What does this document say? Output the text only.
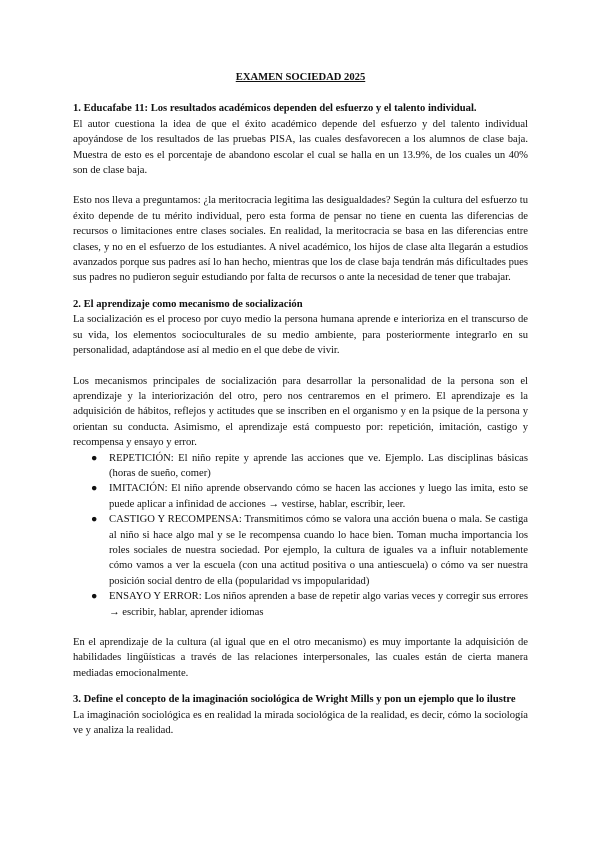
EXAMEN SOCIEDAD 2025
1. Educafabe 11: Los resultados académicos dependen del esfuerzo y el talento individual.

El autor cuestiona la idea de que el éxito académico depende del esfuerzo y del talento individual apoyándose de los resultados de las pruebas PISA, las cuales desfavorecen a los alumnos de clase baja. Muestra de esto es el porcentaje de abandono escolar el cual se halla en un 13.9%, de los cuales un 40% son de clase baja.

Esto nos lleva a preguntamos: ¿la meritocracia legitima las desigualdades? Según la cultura del esfuerzo tu éxito depende de tu mérito individual, pero esta forma de pensar no tiene en cuenta las diferencias de recursos o limitaciones entre clases sociales. En realidad, la meritocracia se basa en las diferencias entre clases, y no en el esfuerzo de los estudiantes. A nivel académico, los hijos de clase alta llegarán a estudios avanzados porque sus padres así lo han hecho, mientras que los de clase baja tendrán más dificultades pues sus padres no pudieron seguir estudiando por falta de recursos o ante la necesidad de tener que trabajar.

2. El aprendizaje como mecanismo de socialización

La socialización es el proceso por cuyo medio la persona humana aprende e interioriza en el transcurso de su vida, los elementos socioculturales de su medio ambiente, para posteriormente integrarlo en su personalidad, adaptándose así al medio en el que debe de vivir.

Los mecanismos principales de socialización para desarrollar la personalidad de la persona son el aprendizaje y la interiorización del otro, pero nos centraremos en el primero. El aprendizaje es la adquisición de hábitos, reflejos y actitudes que se inscriben en el organismo y en la psique de la persona y orientan su conducta. Asimismo, el aprendizaje está compuesto por: repetición, imitación, castigo y recompensa y ensayo y error.

● REPETICIÓN: El niño repite y aprende las acciones que ve. Ejemplo. Las disciplinas básicas (horas de sueño, comer)
● IMITACIÓN: El niño aprende observando cómo se hacen las acciones y luego las imita, esto se puede aplicar a infinidad de acciones → vestirse, hablar, escribir, leer.
● CASTIGO Y RECOMPENSA: Transmitimos cómo se valora una acción buena o mala. Se castiga al niño si hace algo mal y se le recompensa cuando lo hace bien. Toman mucha importancia los roles sociales de nuestra sociedad. Por ejemplo, la cultura de iguales va a influir notablemente cómo vamos a ver la escuela (con una actitud positiva o una antiescuela) o cómo va ser nuestra posición social dentro de ella (popularidad vs impopularidad)
● ENSAYO Y ERROR: Los niños aprenden a base de repetir algo varias veces y corregir sus errores → escribir, hablar, aprender idiomas

En el aprendizaje de la cultura (al igual que en el otro mecanismo) es muy importante la adquisición de habilidades lingüísticas a través de las relaciones interpersonales, las cuales están de cierta manera mediadas emocionalmente.

3. Define el concepto de la imaginación sociológica de Wright Mills y pon un ejemplo que lo ilustre

La imaginación sociológica es en realidad la mirada sociológica de la realidad, es decir, cómo la sociología ve y analiza la realidad.
